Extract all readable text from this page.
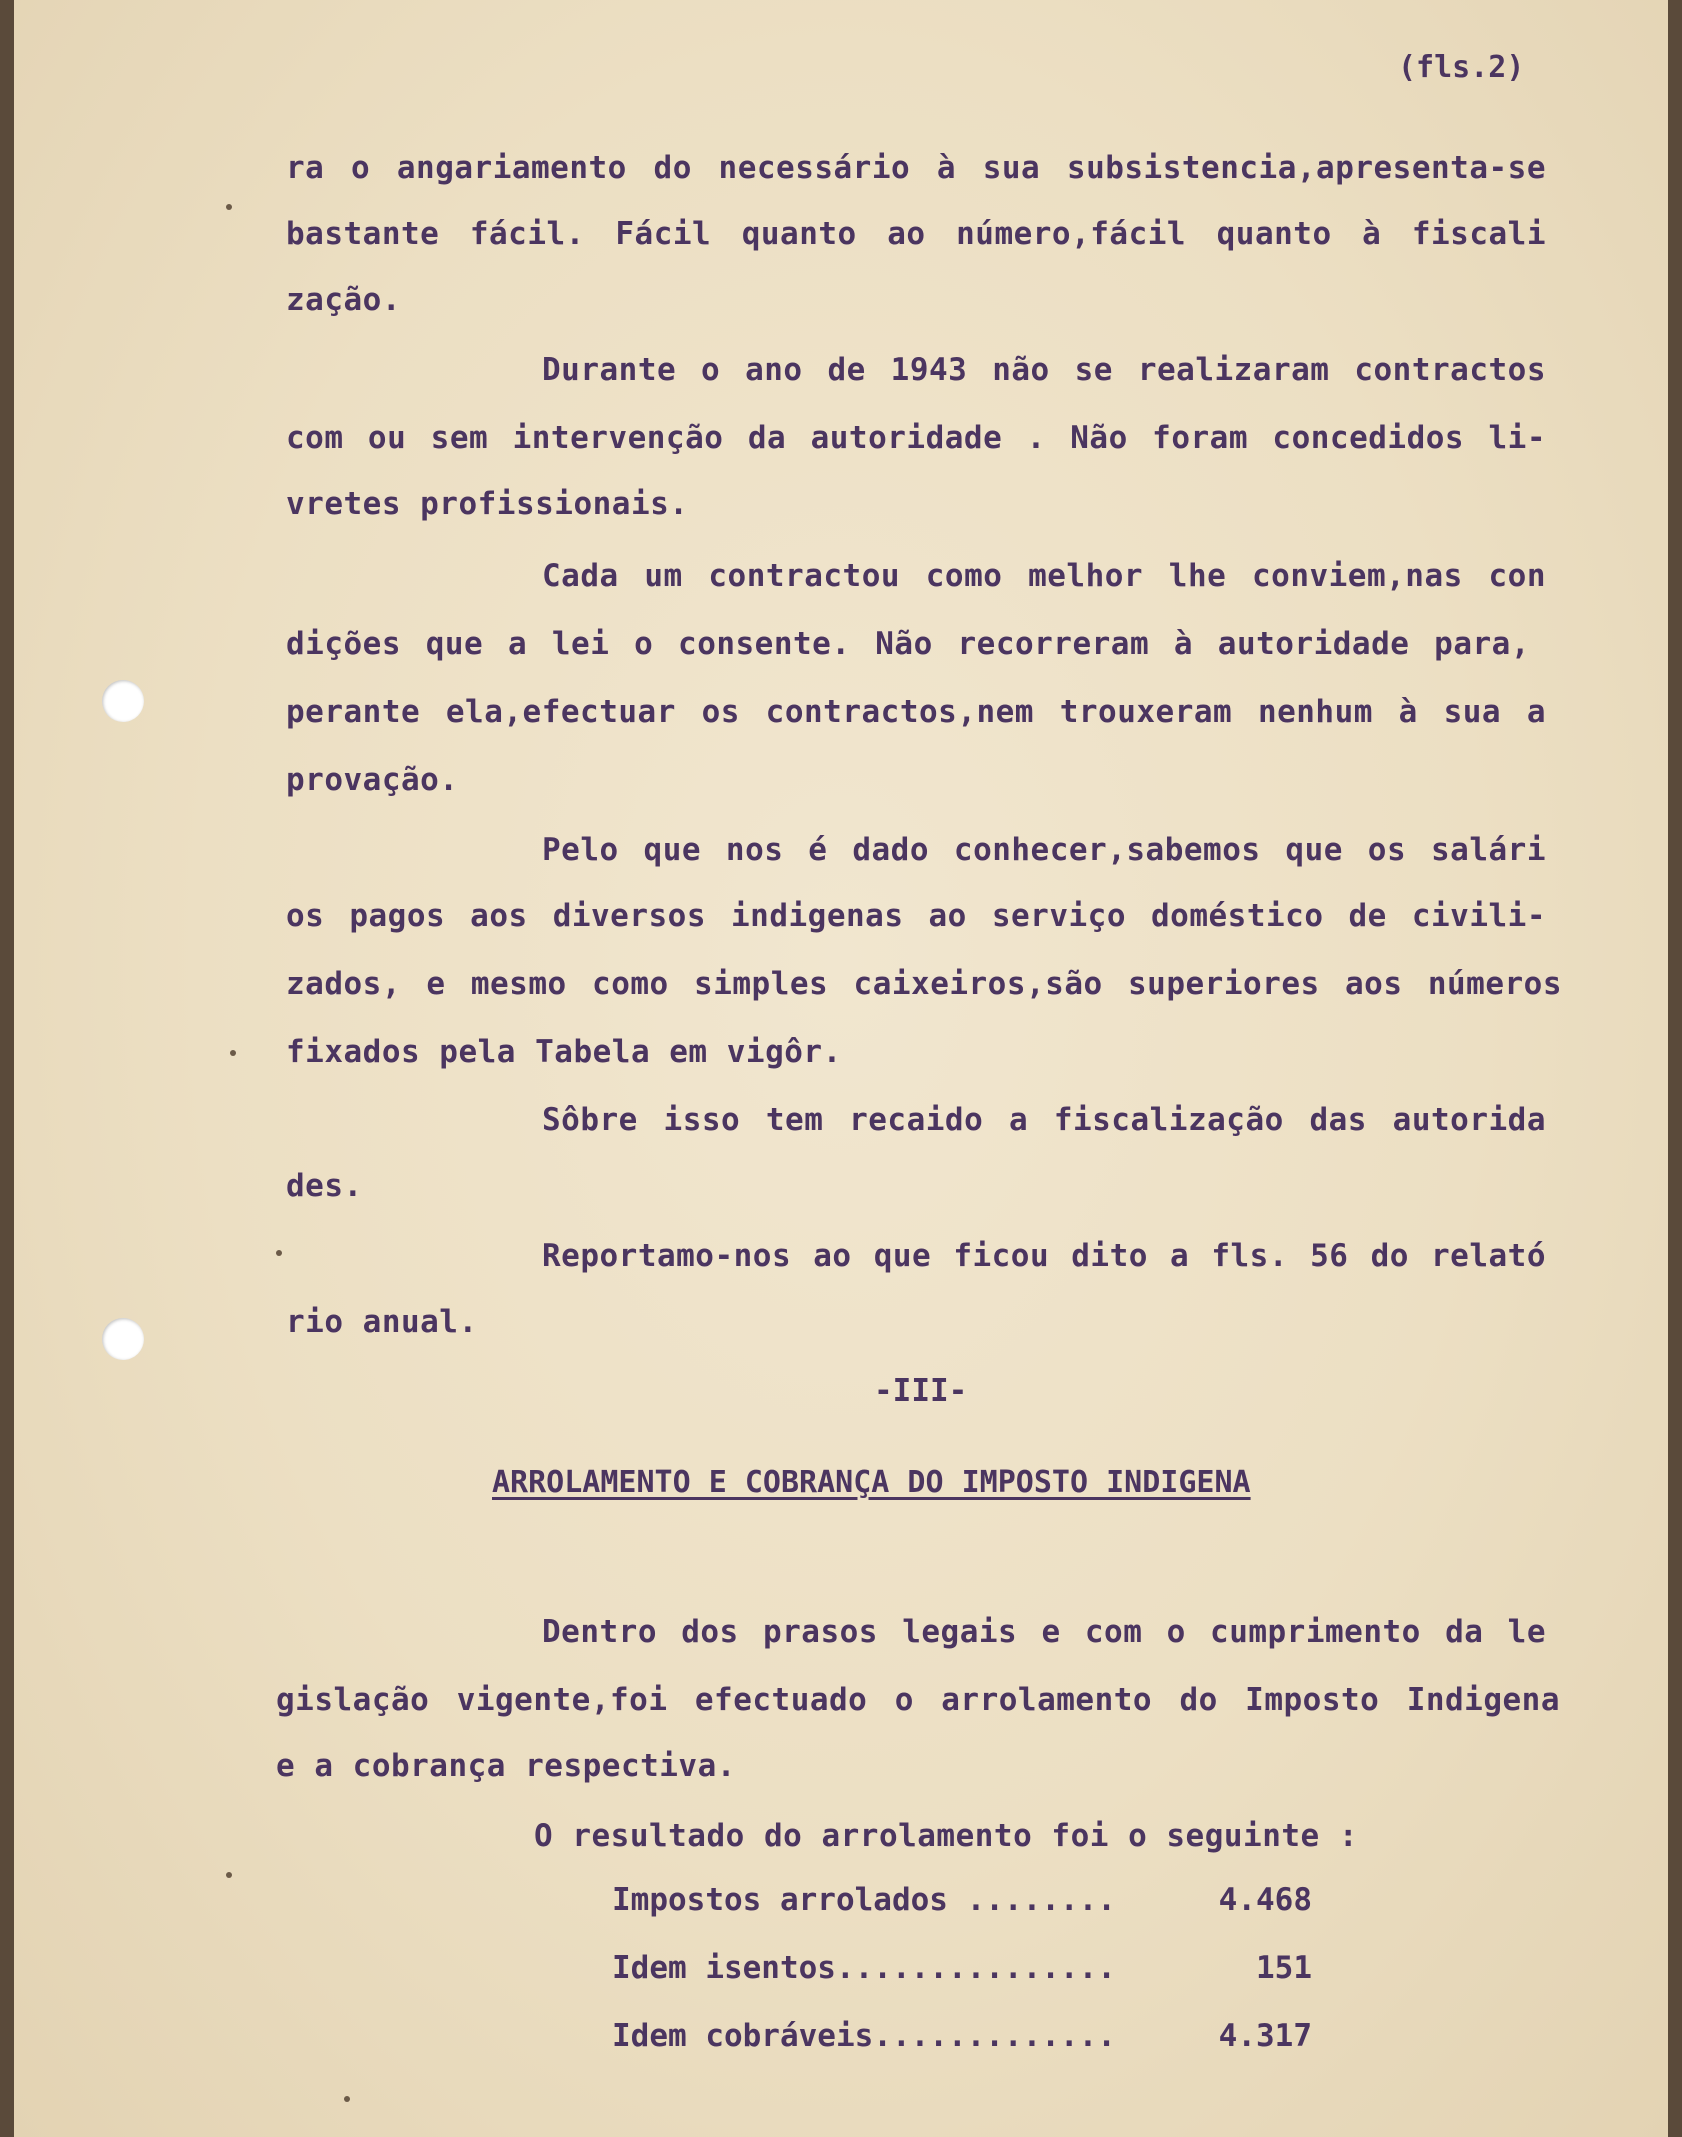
(fls.2)

ra o angariamento do necessário à sua subsistencia,apresenta-se

bastante fácil. Fácil quanto ao número,fácil quanto à fiscali

zação.

Durante o ano de 1943 não se realizaram contractos

com ou sem intervenção da autoridade . Não foram concedidos li-

vretes profissionais.

Cada um contractou como melhor lhe conviem,nas con

dições que a lei o consente. Não recorreram à autoridade para,

perante ela,efectuar os contractos,nem trouxeram nenhum à sua a

provação.

Pelo que nos é dado conhecer,sabemos que os salári

os pagos aos diversos indigenas ao serviço doméstico de civili-

zados, e mesmo como simples caixeiros,são superiores aos números

fixados pela Tabela em vigôr.

Sôbre isso tem recaido a fiscalização das autorida

des.

Reportamo-nos ao que ficou dito a fls. 56 do relató

rio anual.

-III-
ARROLAMENTO E COBRANÇA DO IMPOSTO INDIGENA

Dentro dos prasos legais e com o cumprimento da le

gislação vigente,foi efectuado o arrolamento do Imposto Indigena

e a cobrança respectiva.

O resultado do arrolamento foi o seguinte :

Impostos arrolados ........	4.468
Idem isentos...............	151
Idem cobráveis.............	4.317
